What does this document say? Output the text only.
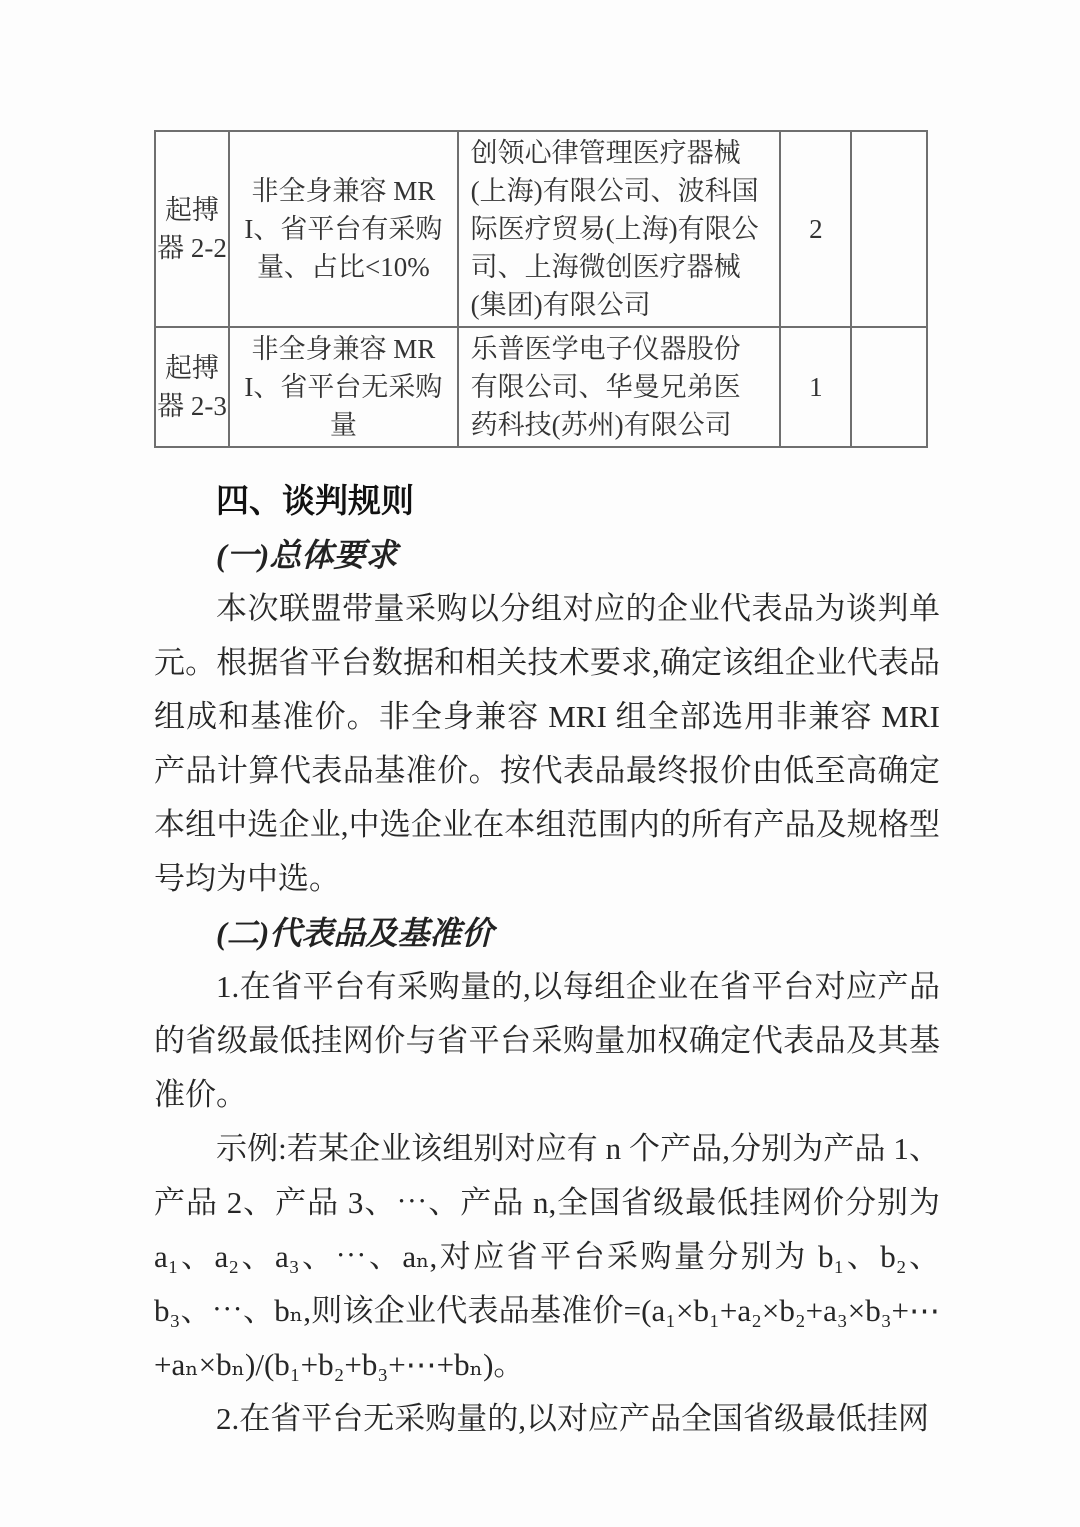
起搏器 2-2	非全身兼容 MRI、省平台有采购量、占比<10%	创领心律管理医疗器械(上海)有限公司、波科国际医疗贸易(上海)有限公司、上海微创医疗器械(集团)有限公司	2	
起搏器 2-3	非全身兼容 MRI、省平台无采购量	乐普医学电子仪器股份有限公司、华曼兄弟医药科技(苏州)有限公司	1	

四、谈判规则

(一)总体要求

本次联盟带量采购以分组对应的企业代表品为谈判单元。根据省平台数据和相关技术要求,确定该组企业代表品组成和基准价。非全身兼容 MRI 组全部选用非兼容 MRI 产品计算代表品基准价。按代表品最终报价由低至高确定本组中选企业,中选企业在本组范围内的所有产品及规格型号均为中选。

(二)代表品及基准价

1.在省平台有采购量的,以每组企业在省平台对应产品的省级最低挂网价与省平台采购量加权确定代表品及其基准价。

示例:若某企业该组别对应有 n 个产品,分别为产品 1、产品 2、产品 3、⋯、产品 n,全国省级最低挂网价分别为 a₁、a₂、a₃、⋯、aₙ,对应省平台采购量分别为 b₁、b₂、b₃、⋯、bₙ,则该企业代表品基准价=(a₁×b₁+a₂×b₂+a₃×b₃+⋯+aₙ×bₙ)/(b₁+b₂+b₃+⋯+bₙ)。

2.在省平台无采购量的,以对应产品全国省级最低挂网
